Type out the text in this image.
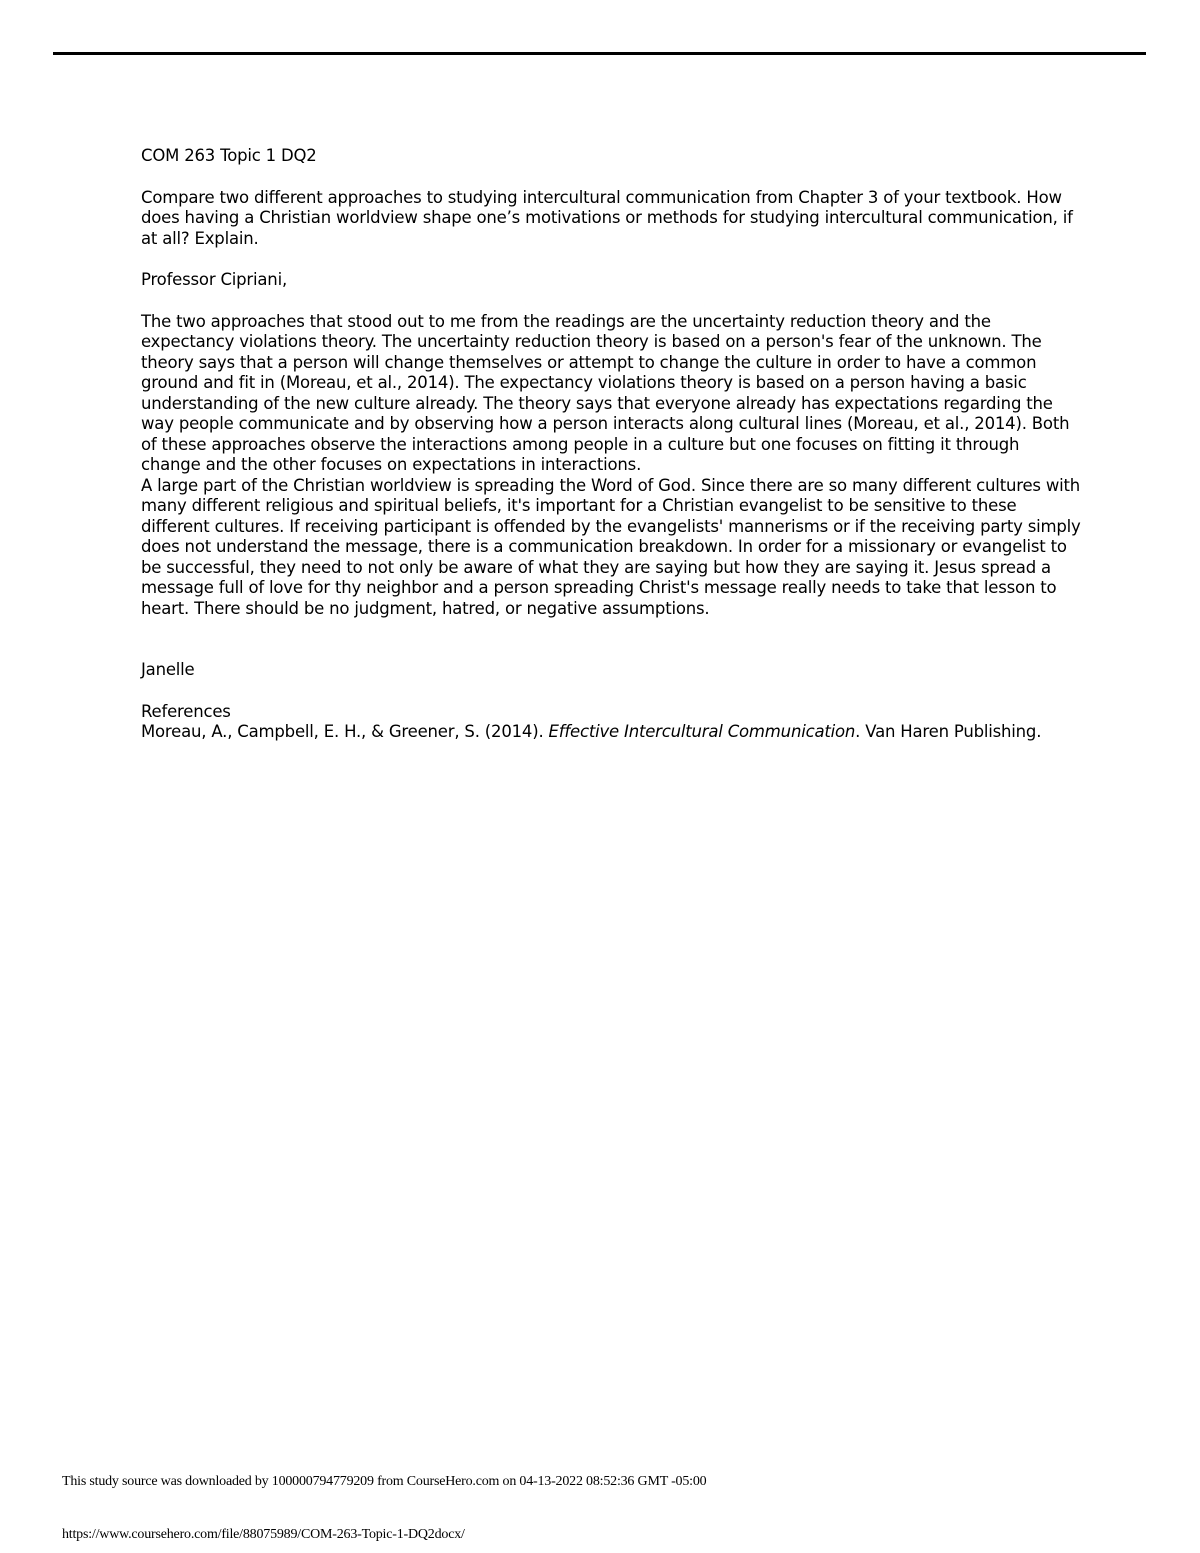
COM 263 Topic 1 DQ2

Compare two different approaches to studying intercultural communication from Chapter 3 of your textbook. How does having a Christian worldview shape one’s motivations or methods for studying intercultural communication, if at all? Explain.

Professor Cipriani,

The two approaches that stood out to me from the readings are the uncertainty reduction theory and the expectancy violations theory. The uncertainty reduction theory is based on a person's fear of the unknown. The theory says that a person will change themselves or attempt to change the culture in order to have a common ground and fit in (Moreau, et al., 2014). The expectancy violations theory is based on a person having a basic understanding of the new culture already. The theory says that everyone already has expectations regarding the way people communicate and by observing how a person interacts along cultural lines (Moreau, et al., 2014). Both of these approaches observe the interactions among people in a culture but one focuses on fitting it through change and the other focuses on expectations in interactions.

A large part of the Christian worldview is spreading the Word of God. Since there are so many different cultures with many different religious and spiritual beliefs, it's important for a Christian evangelist to be sensitive to these different cultures. If receiving participant is offended by the evangelists' mannerisms or if the receiving party simply does not understand the message, there is a communication breakdown. In order for a missionary or evangelist to be successful, they need to not only be aware of what they are saying but how they are saying it. Jesus spread a message full of love for thy neighbor and a person spreading Christ's message really needs to take that lesson to heart. There should be no judgment, hatred, or negative assumptions.

Janelle

References

Moreau, A., Campbell, E. H., & Greener, S. (2014). Effective Intercultural Communication. Van Haren Publishing.

This study source was downloaded by 100000794779209 from CourseHero.com on 04-13-2022 08:52:36 GMT -05:00
https://www.coursehero.com/file/88075989/COM-263-Topic-1-DQ2docx/
